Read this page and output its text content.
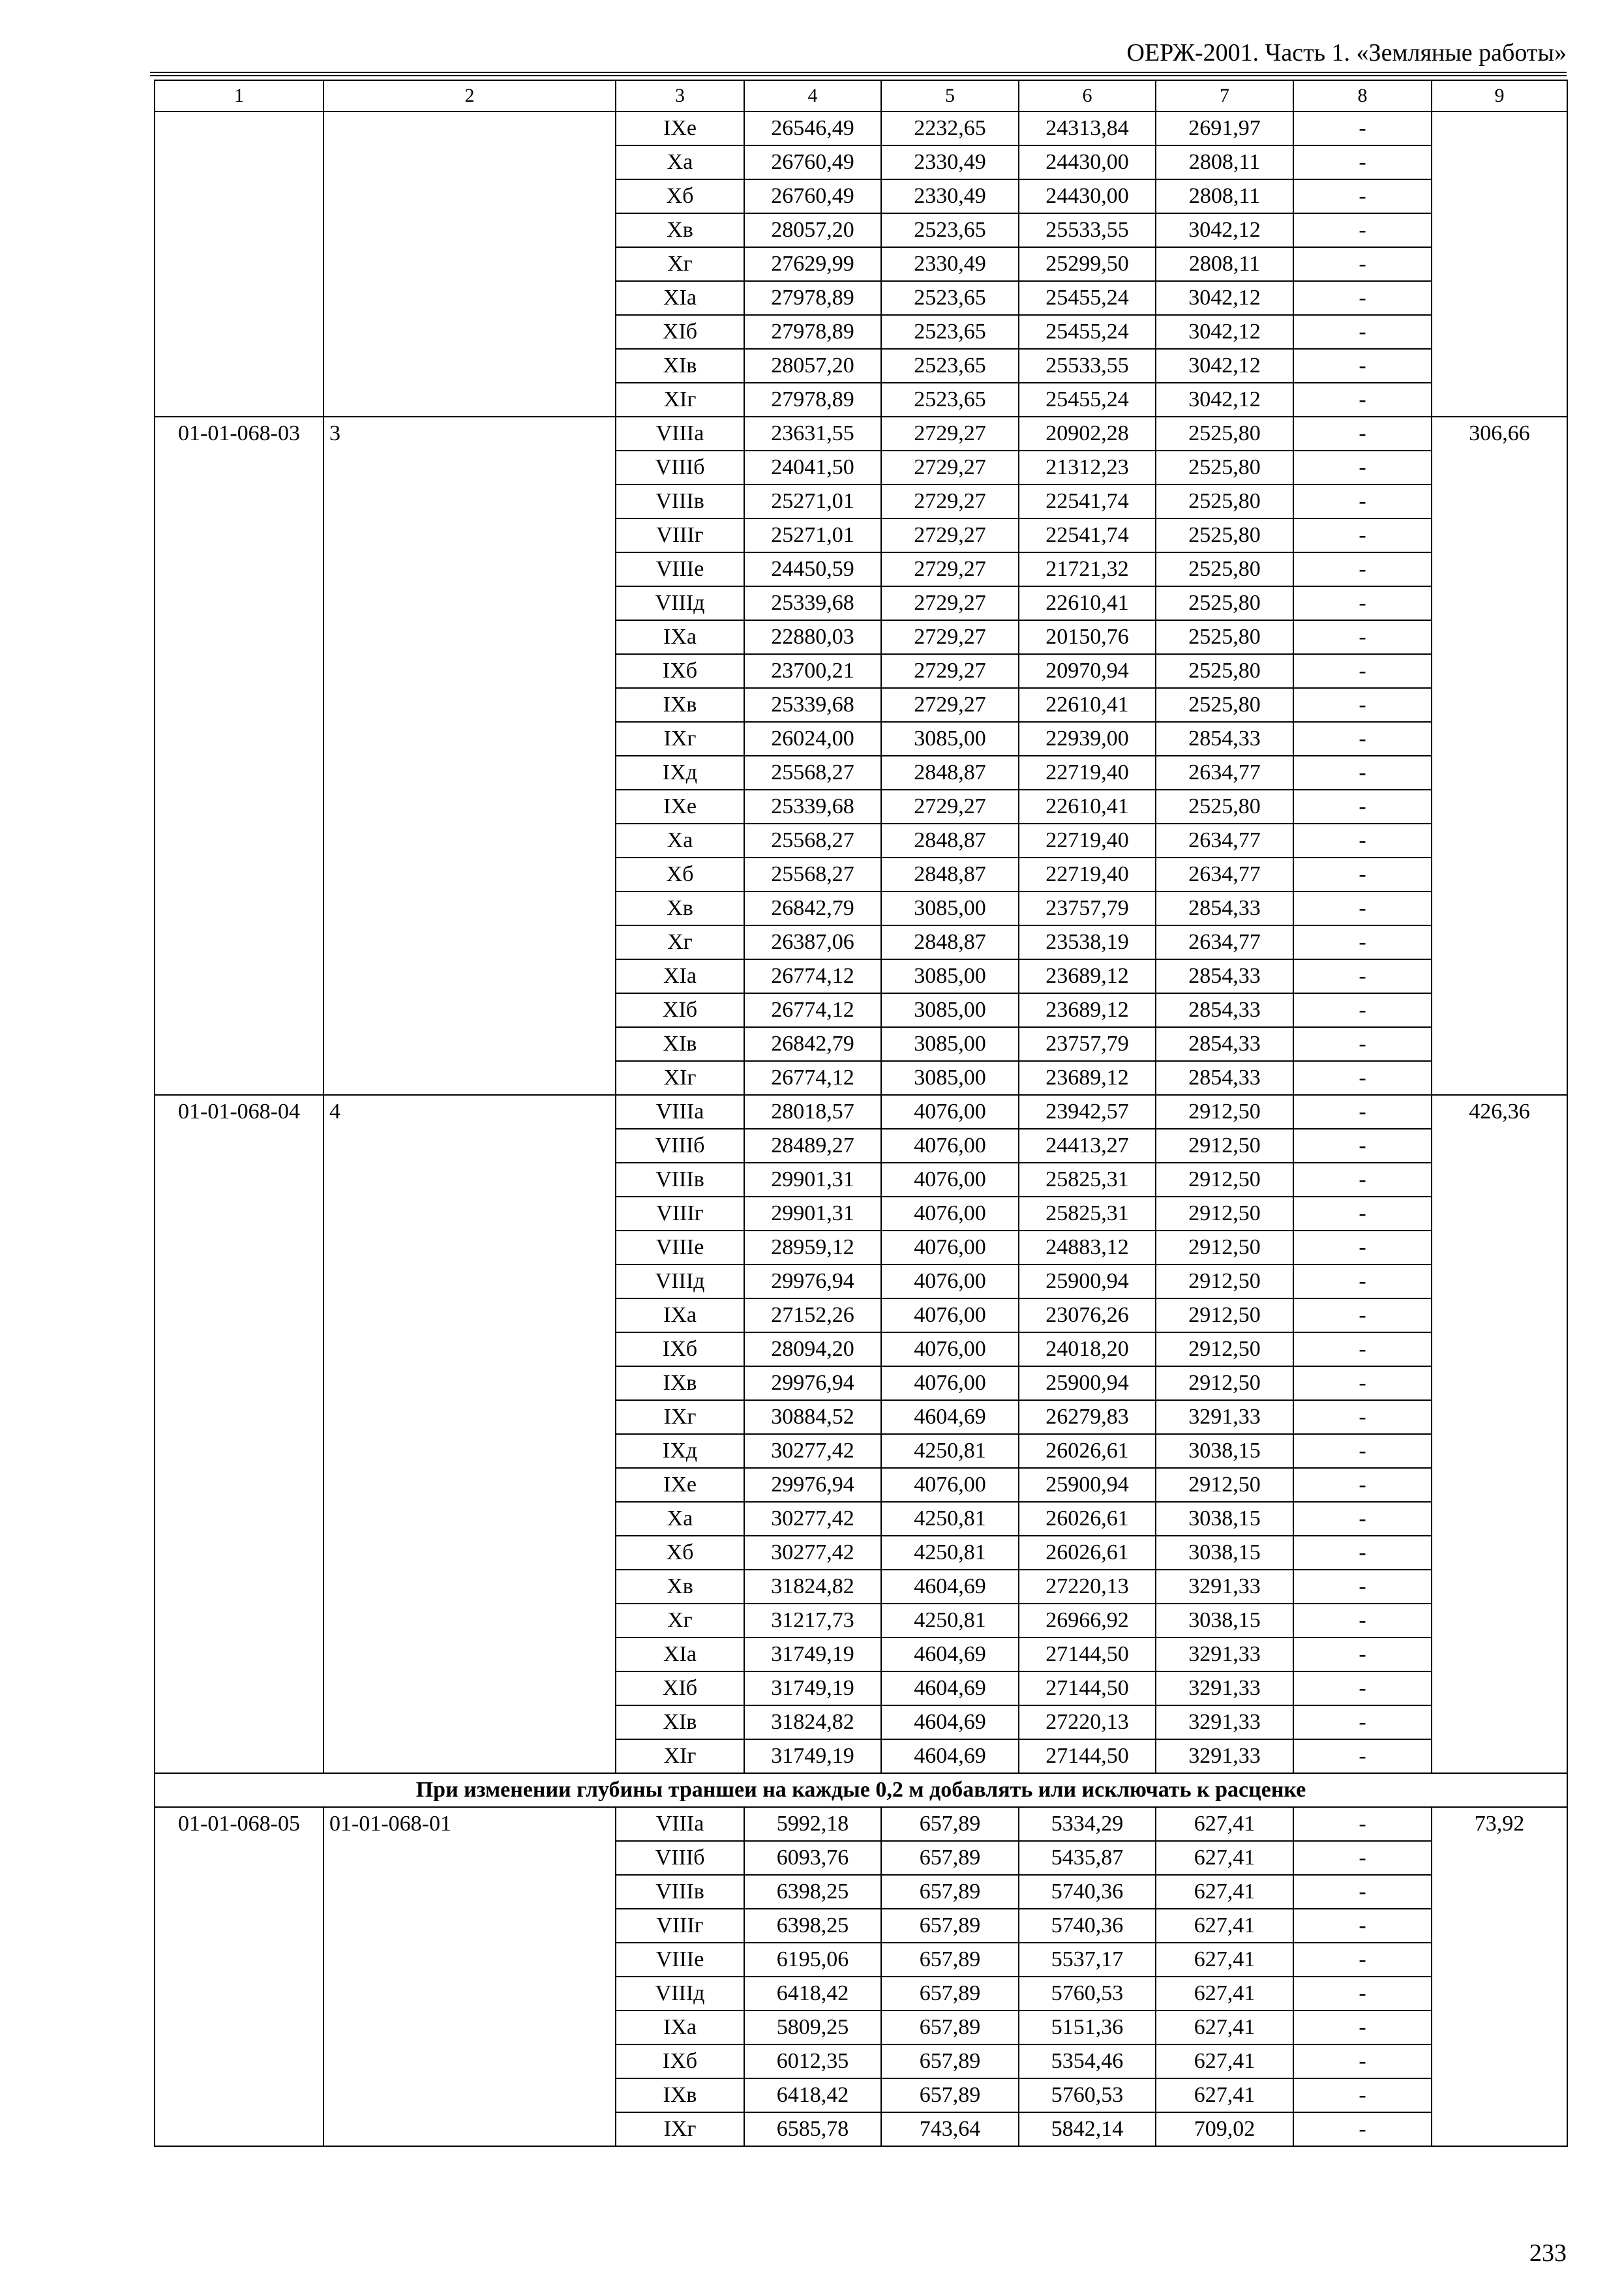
ОЕРЖ-2001. Часть 1. «Земляные работы»
1	2	3	4	5	6	7	8	9
		IXе	26546,49	2232,65	24313,84	2691,97	-	
		Xа	26760,49	2330,49	24430,00	2808,11	-	
		Xб	26760,49	2330,49	24430,00	2808,11	-	
		Xв	28057,20	2523,65	25533,55	3042,12	-	
		Xг	27629,99	2330,49	25299,50	2808,11	-	
		XIа	27978,89	2523,65	25455,24	3042,12	-	
		XIб	27978,89	2523,65	25455,24	3042,12	-	
		XIв	28057,20	2523,65	25533,55	3042,12	-	
		XIг	27978,89	2523,65	25455,24	3042,12	-	
01-01-068-03	3	VIIIа	23631,55	2729,27	20902,28	2525,80	-	306,66
		VIIIб	24041,50	2729,27	21312,23	2525,80	-	
		VIIIв	25271,01	2729,27	22541,74	2525,80	-	
		VIIIг	25271,01	2729,27	22541,74	2525,80	-	
		VIIIе	24450,59	2729,27	21721,32	2525,80	-	
		VIIIд	25339,68	2729,27	22610,41	2525,80	-	
		IXа	22880,03	2729,27	20150,76	2525,80	-	
		IXб	23700,21	2729,27	20970,94	2525,80	-	
		IXв	25339,68	2729,27	22610,41	2525,80	-	
		IXг	26024,00	3085,00	22939,00	2854,33	-	
		IXд	25568,27	2848,87	22719,40	2634,77	-	
		IXе	25339,68	2729,27	22610,41	2525,80	-	
		Xа	25568,27	2848,87	22719,40	2634,77	-	
		Xб	25568,27	2848,87	22719,40	2634,77	-	
		Xв	26842,79	3085,00	23757,79	2854,33	-	
		Xг	26387,06	2848,87	23538,19	2634,77	-	
		XIа	26774,12	3085,00	23689,12	2854,33	-	
		XIб	26774,12	3085,00	23689,12	2854,33	-	
		XIв	26842,79	3085,00	23757,79	2854,33	-	
		XIг	26774,12	3085,00	23689,12	2854,33	-	
01-01-068-04	4	VIIIа	28018,57	4076,00	23942,57	2912,50	-	426,36
		VIIIб	28489,27	4076,00	24413,27	2912,50	-	
		VIIIв	29901,31	4076,00	25825,31	2912,50	-	
		VIIIг	29901,31	4076,00	25825,31	2912,50	-	
		VIIIе	28959,12	4076,00	24883,12	2912,50	-	
		VIIIд	29976,94	4076,00	25900,94	2912,50	-	
		IXа	27152,26	4076,00	23076,26	2912,50	-	
		IXб	28094,20	4076,00	24018,20	2912,50	-	
		IXв	29976,94	4076,00	25900,94	2912,50	-	
		IXг	30884,52	4604,69	26279,83	3291,33	-	
		IXд	30277,42	4250,81	26026,61	3038,15	-	
		IXе	29976,94	4076,00	25900,94	2912,50	-	
		Xа	30277,42	4250,81	26026,61	3038,15	-	
		Xб	30277,42	4250,81	26026,61	3038,15	-	
		Xв	31824,82	4604,69	27220,13	3291,33	-	
		Xг	31217,73	4250,81	26966,92	3038,15	-	
		XIа	31749,19	4604,69	27144,50	3291,33	-	
		XIб	31749,19	4604,69	27144,50	3291,33	-	
		XIв	31824,82	4604,69	27220,13	3291,33	-	
		XIг	31749,19	4604,69	27144,50	3291,33	-	
При изменении глубины траншеи на каждые 0,2 м добавлять или исключать к расценке								
01-01-068-05	01-01-068-01	VIIIа	5992,18	657,89	5334,29	627,41	-	73,92
		VIIIб	6093,76	657,89	5435,87	627,41	-	
		VIIIв	6398,25	657,89	5740,36	627,41	-	
		VIIIг	6398,25	657,89	5740,36	627,41	-	
		VIIIе	6195,06	657,89	5537,17	627,41	-	
		VIIIд	6418,42	657,89	5760,53	627,41	-	
		IXа	5809,25	657,89	5151,36	627,41	-	
		IXб	6012,35	657,89	5354,46	627,41	-	
		IXв	6418,42	657,89	5760,53	627,41	-	
		IXг	6585,78	743,64	5842,14	709,02	-	
233
